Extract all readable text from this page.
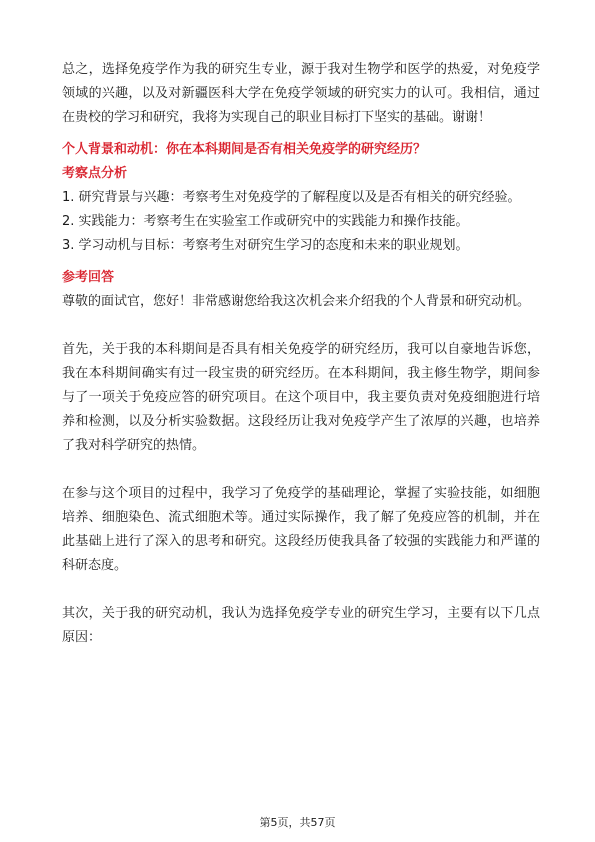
总之，选择免疫学作为我的研究生专业，源于我对生物学和医学的热爱，对免疫学领域的兴趣，以及对新疆医科大学在免疫学领域的研究实力的认可。我相信，通过在贵校的学习和研究，我将为实现自己的职业目标打下坚实的基础。谢谢！

个人背景和动机：你在本科期间是否有相关免疫学的研究经历？

考察点分析

1. 研究背景与兴趣：考察考生对免疫学的了解程度以及是否有相关的研究经验。

2. 实践能力：考察考生在实验室工作或研究中的实践能力和操作技能。

3. 学习动机与目标：考察考生对研究生学习的态度和未来的职业规划。

参考回答

尊敬的面试官，您好！非常感谢您给我这次机会来介绍我的个人背景和研究动机。

首先，关于我的本科期间是否具有相关免疫学的研究经历，我可以自豪地告诉您，我在本科期间确实有过一段宝贵的研究经历。在本科期间，我主修生物学，期间参与了一项关于免疫应答的研究项目。在这个项目中，我主要负责对免疫细胞进行培养和检测，以及分析实验数据。这段经历让我对免疫学产生了浓厚的兴趣，也培养了我对科学研究的热情。

在参与这个项目的过程中，我学习了免疫学的基础理论，掌握了实验技能，如细胞培养、细胞染色、流式细胞术等。通过实际操作，我了解了免疫应答的机制，并在此基础上进行了深入的思考和研究。这段经历使我具备了较强的实践能力和严谨的科研态度。

其次，关于我的研究动机，我认为选择免疫学专业的研究生学习，主要有以下几点原因：

第5页，共57页
